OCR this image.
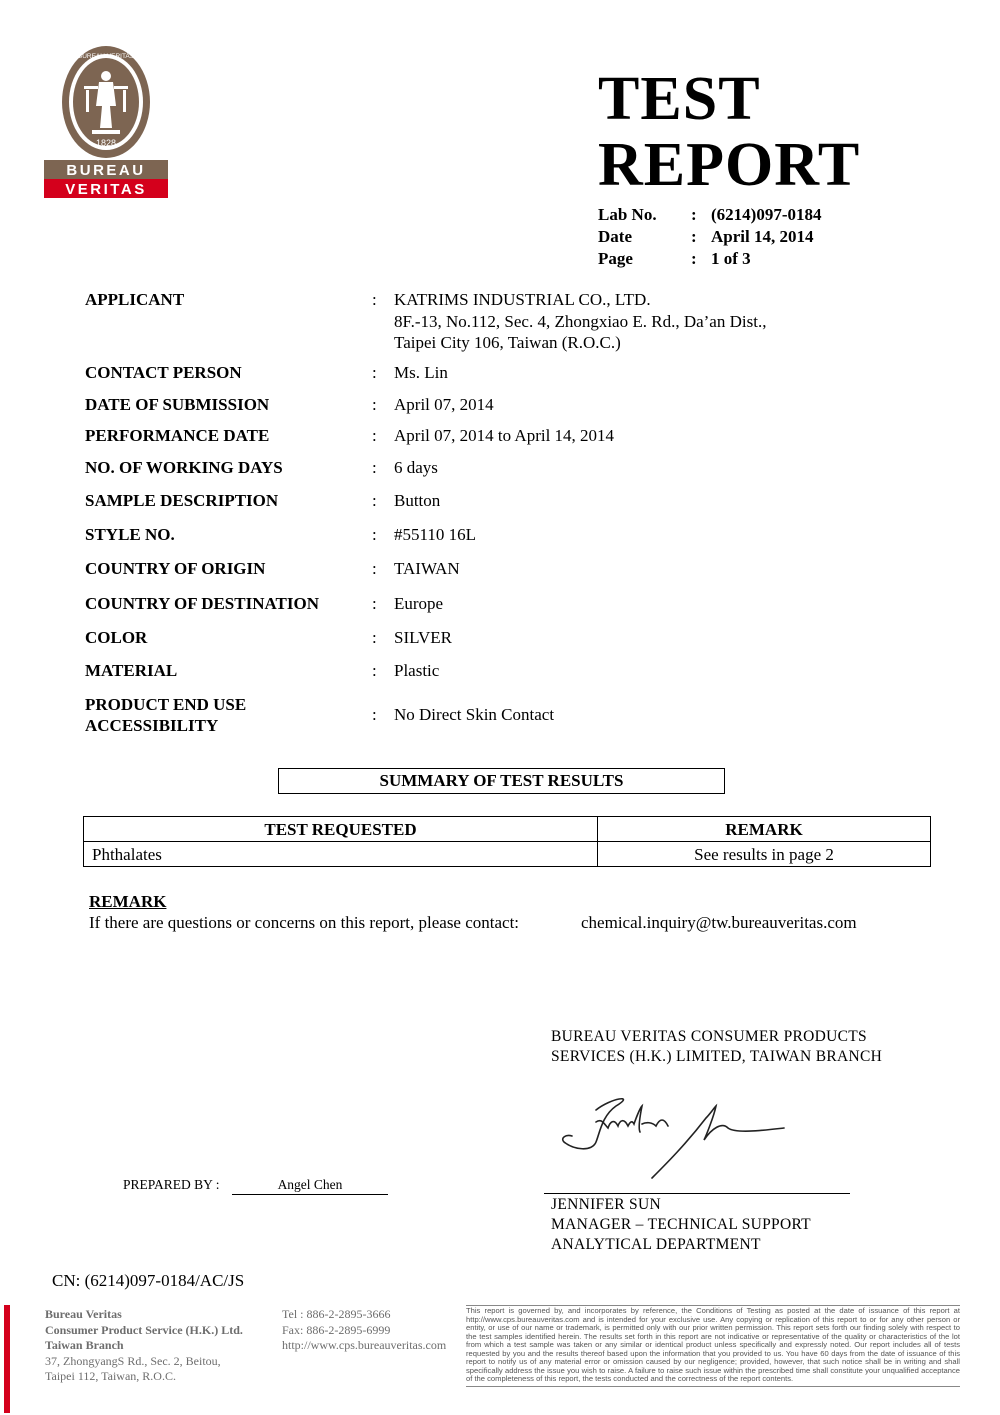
1828
BUREAU VERITAS
BUREAU
VERITAS
TEST
REPORT
Lab No. : (6214)097-0184
Date	: April 14, 2014
Page	: 1 of 3
APPLICANT	: KATRIMS INDUSTRIAL CO., LTD.
8F.-13, No.112, Sec. 4, Zhongxiao E. Rd., Da’an Dist.,
Taipei City 106, Taiwan (R.O.C.)
CONTACT PERSON	: Ms. Lin
DATE OF SUBMISSION	: April 07, 2014
PERFORMANCE DATE	: April 07, 2014 to April 14, 2014
NO. OF WORKING DAYS	: 6 days
SAMPLE DESCRIPTION	: Button
STYLE NO.	: #55110 16L
COUNTRY OF ORIGIN	: TAIWAN
COUNTRY OF DESTINATION	: Europe
COLOR	: SILVER
MATERIAL	: Plastic
PRODUCT END USE
ACCESSIBILITY
: No Direct Skin Contact
SUMMARY OF TEST RESULTS
TEST REQUESTED	REMARK
Phthalates	See results in page 2
REMARK
If there are questions or concerns on this report, please contact:	chemical.inquiry@tw.bureauveritas.com
BUREAU VERITAS CONSUMER PRODUCTS
SERVICES (H.K.) LIMITED, TAIWAN BRANCH
JENNIFER SUN
MANAGER – TECHNICAL SUPPORT
ANALYTICAL DEPARTMENT
PREPARED BY :	Angel Chen
CN: (6214)097-0184/AC/JS
Bureau Veritas
Consumer Product Service (H.K.) Ltd.
Taiwan Branch
37, ZhongyangS Rd., Sec. 2, Beitou,
Taipei 112, Taiwan, R.O.C.
Tel : 886-2-2895-3666
Fax: 886-2-2895-6999
http://www.cps.bureauveritas.com
This report is governed by, and incorporates by reference, the Conditions of Testing as posted at the date of issuance of this report at http://www.cps.bureauveritas.com and is intended for your exclusive use. Any copying or replication of this report to or for any other person or entity, or use of our name or trademark, is permitted only with our prior written permission. This report sets forth our finding solely with respect to the test samples identified herein. The results set forth in this report are not indicative or representative of the quality or characteristics of the lot from which a test sample was taken or any similar or identical product unless specifically and expressly noted. Our report includes all of tests requested by you and the results thereof based upon the information that you provided to us. You have 60 days from the date of issuance of this report to notify us of any material error or omission caused by our negligence; provided, however, that such notice shall be in writing and shall specifically address the issue you wish to raise. A failure to raise such issue within the prescribed time shall constitute your unqualified acceptance of the completeness of this report, the tests conducted and the correctness of the report contents.
